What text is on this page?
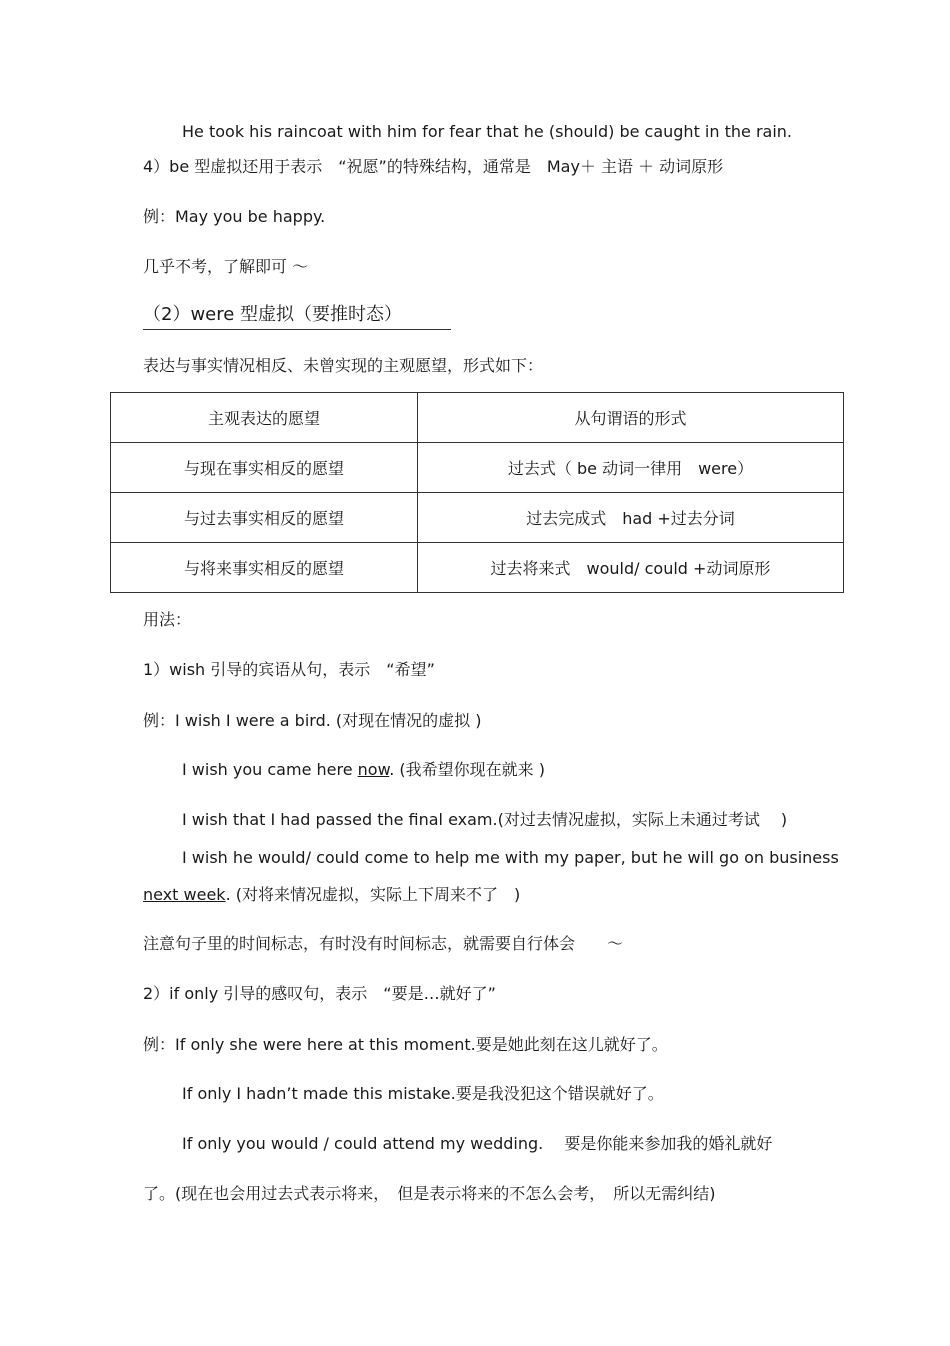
He took his raincoat with him for fear that he (should) be caught in the rain.
4）be 型虚拟还用于表示　“祝愿”的特殊结构，通常是　May＋ 主语 ＋ 动词原形
例：May you be happy.
几乎不考，了解即可 ～
（2）were 型虚拟（要推时态）
表达与事实情况相反、未曾实现的主观愿望，形式如下：
主观表达的愿望	从句谓语的形式
与现在事实相反的愿望	过去式（ be 动词一律用　were）
与过去事实相反的愿望	过去完成式　had +过去分词
与将来事实相反的愿望	过去将来式　would/ could +动词原形
用法：
1）wish 引导的宾语从句，表示　“希望”
例：I wish I were a bird. (对现在情况的虚拟 )
I wish you came here now. (我希望你现在就来 )
I wish that I had passed the final exam.(对过去情况虚拟，实际上未通过考试　 )
I wish he would/ could come to help me with my paper, but he will go on business
next week. (对将来情况虚拟，实际上下周来不了　)
注意句子里的时间标志，有时没有时间标志，就需要自行体会　　～
2）if only 引导的感叹句，表示　“要是…就好了”
例：If only she were here at this moment.要是她此刻在这儿就好了。
If only I hadn’t made this mistake.要是我没犯这个错误就好了。
If only you would / could attend my wedding.　 要是你能来参加我的婚礼就好
了。(现在也会用过去式表示将来，　但是表示将来的不怎么会考，　所以无需纠结)
